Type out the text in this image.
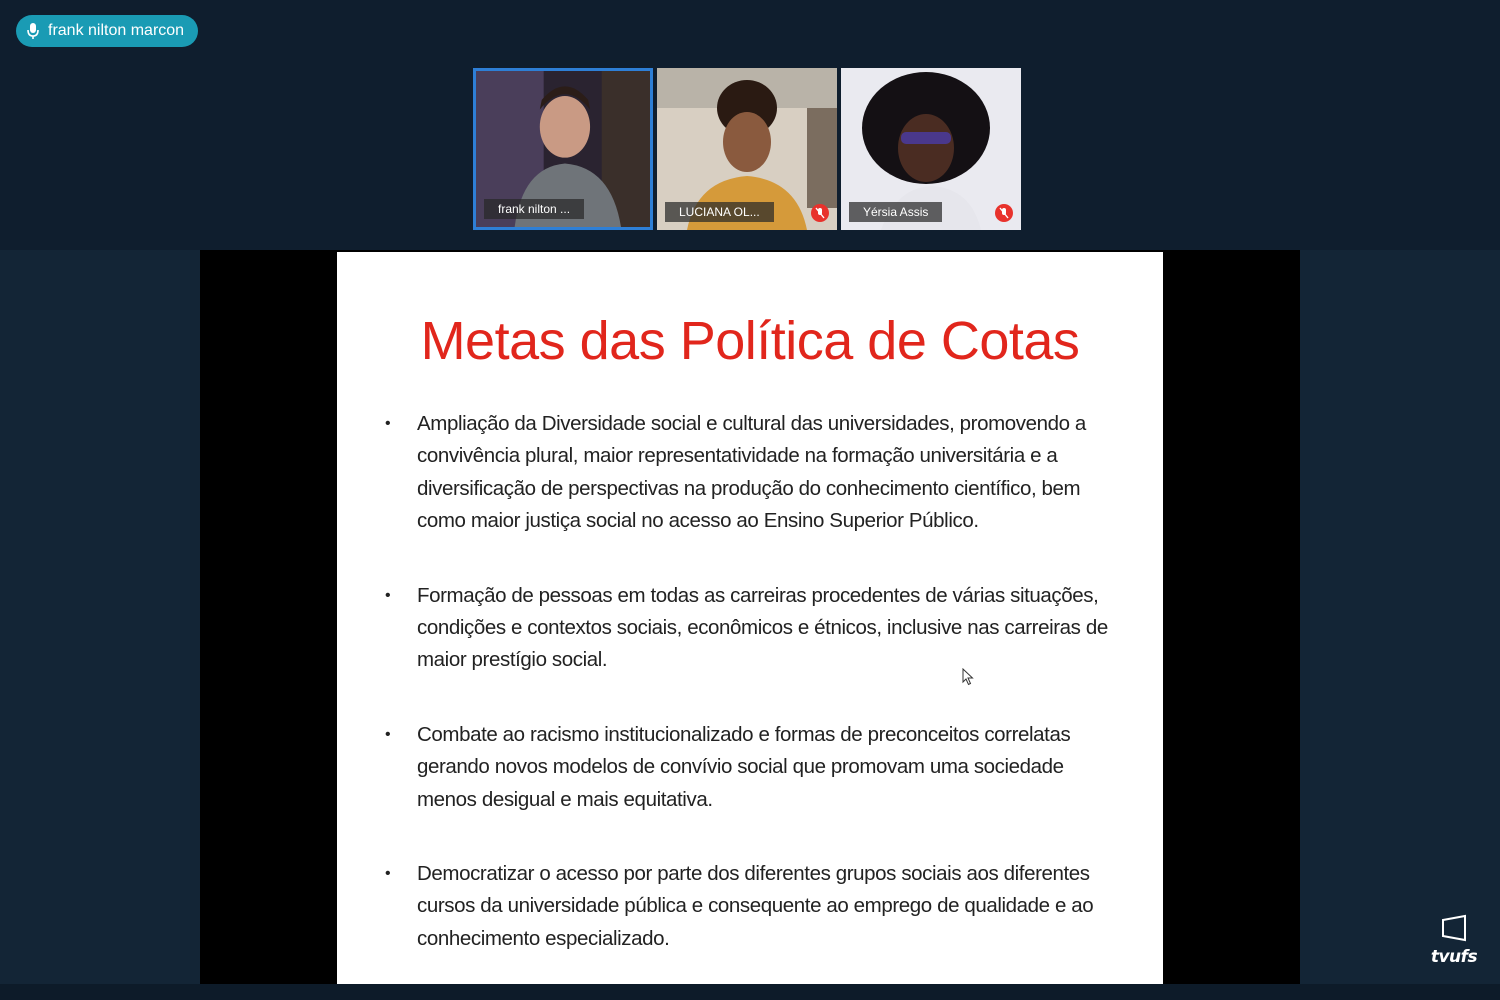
frank nilton marcon
frank nilton ...	LUCIANA OL...	Yérsia Assis
Metas das Política de Cotas
• Ampliação da Diversidade social e cultural das universidades, promovendo a convivência plural, maior representatividade na formação universitária e a diversificação de perspectivas na produção do conhecimento científico, bem como maior justiça social no acesso ao Ensino Superior Público.
• Formação de pessoas em todas as carreiras procedentes de várias situações, condições e contextos sociais, econômicos e étnicos, inclusive nas carreiras de maior prestígio social.
• Combate ao racismo institucionalizado e formas de preconceitos correlatas gerando novos modelos de convívio social que promovam uma sociedade menos desigual e mais equitativa.
• Democratizar o acesso por parte dos diferentes grupos sociais aos diferentes cursos da universidade pública e consequente ao emprego de qualidade e ao conhecimento especializado.
tvufs
